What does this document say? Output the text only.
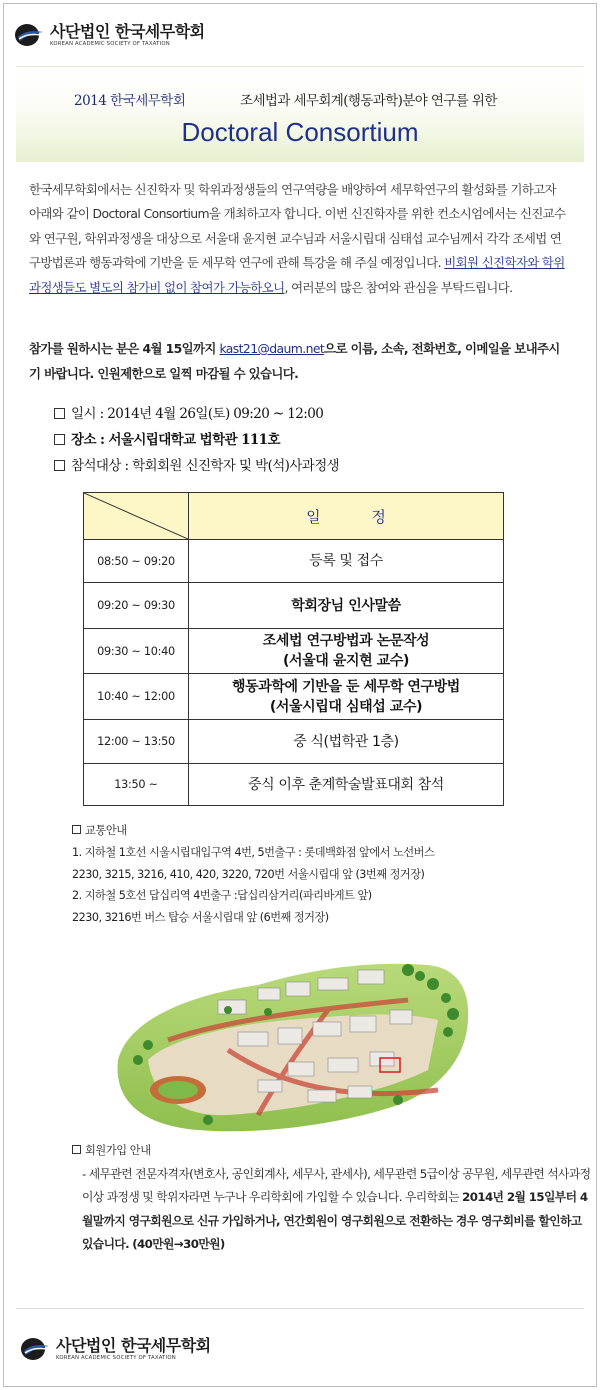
사단법인 한국세무학회
KOREAN ACADEMIC SOCIETY OF TAXATION
2014 한국세무학회	조세법과 세무회계(행동과학)분야 연구를 위한
Doctoral Consortium
한국세무학회에서는 신진학자 및 학위과정생들의 연구역량을 배양하여 세무학연구의 활성화를 기하고자 아래와 같이 Doctoral Consortium을 개최하고자 합니다. 이번 신진학자를 위한 컨소시엄에서는 신진교수와 연구원, 학위과정생을 대상으로 서울대 윤지현 교수님과 서울시립대 심태섭 교수님께서 각각 조세법 연구방법론과 행동과학에 기반을 둔 세무학 연구에 관해 특강을 해 주실 예정입니다. 비회원 신진학자와 학위과정생들도 별도의 참가비 없이 참여가 가능하오니, 여러분의 많은 참여와 관심을 부탁드립니다.
참가를 원하시는 분은 4월 15일까지 kast21@daum.net으로 이름, 소속, 전화번호, 이메일을 보내주시기 바랍니다. 인원제한으로 일찍 마감될 수 있습니다.
일시 : 2014년 4월 26일(토) 09:20 ~ 12:00
장소 : 서울시립대학교 법학관 111호
참석대상 : 학회회원 신진학자 및 박(석)사과정생
	일 정
08:50 ~ 09:20	등록 및 접수
09:20 ~ 09:30	학회장님 인사말씀
09:30 ~ 10:40	조세법 연구방법과 논문작성
(서울대 윤지현 교수)

10:40 ~ 12:00	행동과학에 기반을 둔 세무학 연구방법
(서울시립대 심태섭 교수)

12:00 ~ 13:50	중 식(법학관 1층)
13:50 ~	중식 이후 춘계학술발표대회 참석
교통안내
1. 지하철 1호선 시울시립대입구역 4번, 5번출구 : 롯데백화점 앞에서 노선버스
2230, 3215, 3216, 410, 420, 3220, 720번 서울시립대 앞 (3번째 정거장)
2. 지하철 5호선 답십리역 4번출구 :답십리삼거리(파리바게트 앞)
2230, 3216번 버스 탑승 서울시립대 앞 (6번째 정거장)
회원가입 안내
- 세무관련 전문자격자(변호사, 공인회계사, 세무사, 관세사), 세무관련 5급이상 공무원, 세무관련 석사과정 이상 과정생 및 학위자라면 누구나 우리학회에 가입할 수 있습니다. 우리학회는 2014년 2월 15일부터 4월말까지 영구회원으로 신규 가입하거나, 연간회원이 영구회원으로 전환하는 경우 영구회비를 할인하고 있습니다. (40만원→30만원)
사단법인 한국세무학회
KOREAN ACADEMIC SOCIETY OF TAXATION
